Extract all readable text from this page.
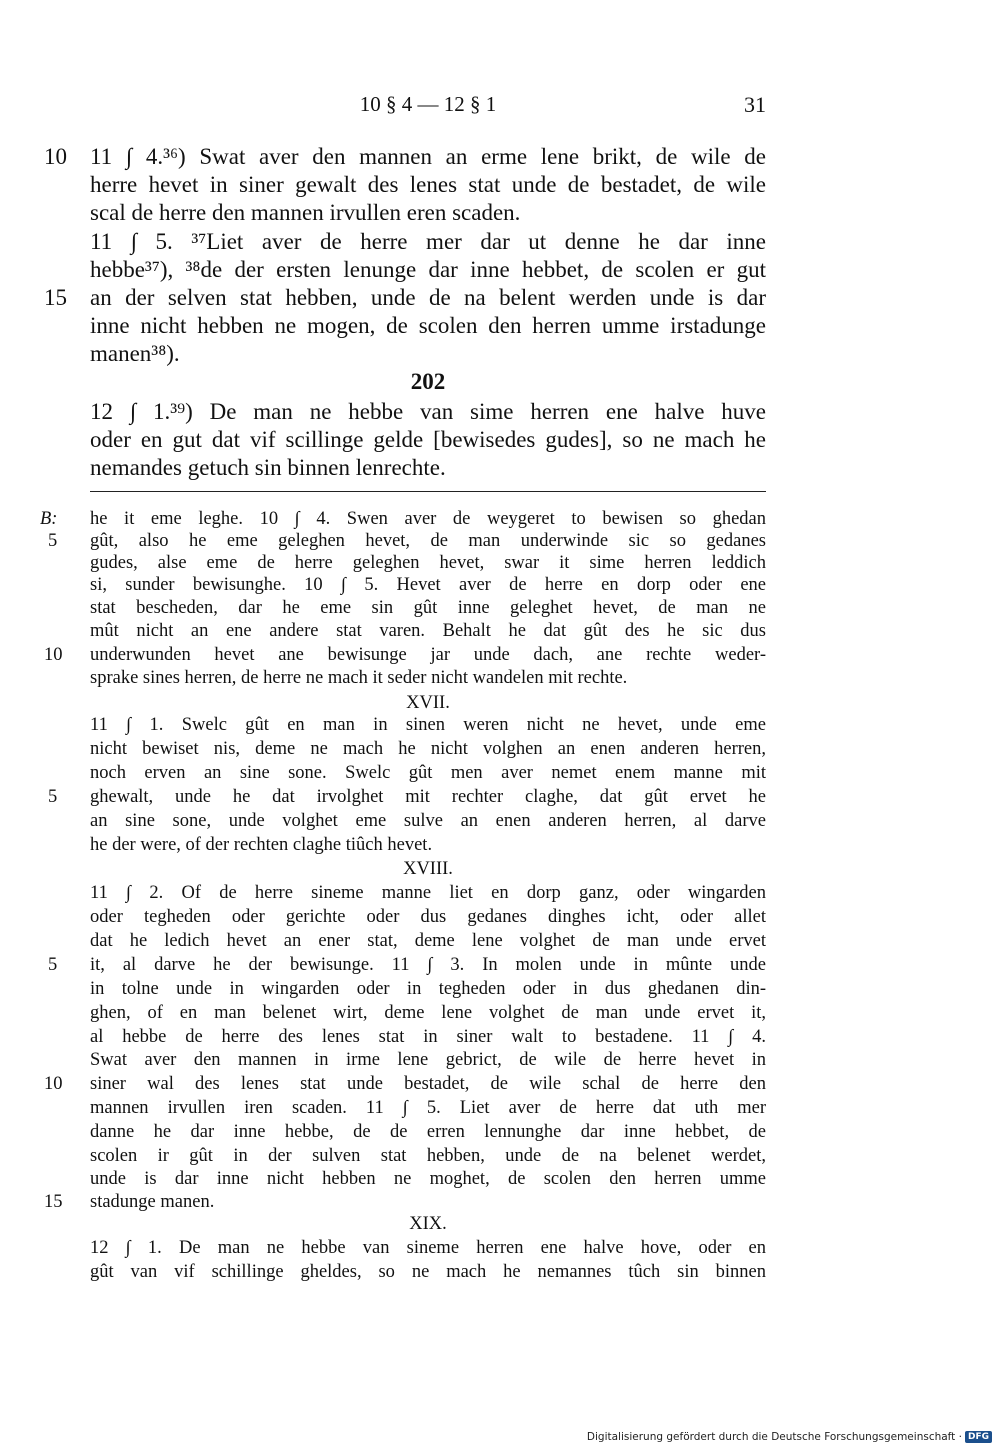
10 § 4 — 12 § 1	31
10 11 ∫ 4.³⁶) Swat aver den mannen an erme lene brikt, de wile de
herre hevet in siner gewalt des lenes stat unde de bestadet, de wile
scal de herre den mannen irvullen eren scaden.
11 ∫ 5. ³⁷Liet aver de herre mer dar ut denne he dar inne
hebbe³⁷), ³⁸de der ersten lenunge dar inne hebbet, de scolen er gut
15 an der selven stat hebben, unde de na belent werden unde is dar
inne nicht hebben ne mogen, de scolen den herren umme irstadunge
manen³⁸).
202
12 ∫ 1.³⁹) De man ne hebbe van sime herren ene halve huve
oder en gut dat vif scillinge gelde [bewisedes gudes], so ne mach he
nemandes getuch sin binnen lenrechte.
B: he it eme leghe. 10 ∫ 4. Swen aver de weygeret to bewisen so ghedan
5 gût, also he eme geleghen hevet, de man underwinde sic so gedanes
gudes, alse eme de herre geleghen hevet, swar it sime herren leddich
si, sunder bewisunghe. 10 ∫ 5. Hevet aver de herre en dorp oder ene
stat bescheden, dar he eme sin gût inne geleghet hevet, de man ne
mût nicht an ene andere stat varen. Behalt he dat gût des he sic dus
10 underwunden hevet ane bewisunge jar unde dach, ane rechte weder-
sprake sines herren, de herre ne mach it seder nicht wandelen mit rechte.
XVII.
11 ∫ 1. Swelc gût en man in sinen weren nicht ne hevet, unde eme
nicht bewiset nis, deme ne mach he nicht volghen an enen anderen herren,
noch erven an sine sone. Swelc gût men aver nemet enem manne mit
5 ghewalt, unde he dat irvolghet mit rechter claghe, dat gût ervet he
an sine sone, unde volghet eme sulve an enen anderen herren, al darve
he der were, of der rechten claghe tiûch hevet.
XVIII.
11 ∫ 2. Of de herre sineme manne liet en dorp ganz, oder wingarden
oder tegheden oder gerichte oder dus gedanes dinghes icht, oder allet
dat he ledich hevet an ener stat, deme lene volghet de man unde ervet
5 it, al darve he der bewisunge. 11 ∫ 3. In molen unde in mûnte unde
in tolne unde in wingarden oder in tegheden oder in dus ghedanen din-
ghen, of en man belenet wirt, deme lene volghet de man unde ervet it,
al hebbe de herre des lenes stat in siner walt to bestadene. 11 ∫ 4.
Swat aver den mannen in irme lene gebrict, de wile de herre hevet in
10 siner wal des lenes stat unde bestadet, de wile schal de herre den
mannen irvullen iren scaden. 11 ∫ 5. Liet aver de herre dat uth mer
danne he dar inne hebbe, de de erren lennunghe dar inne hebbet, de
scolen ir gût in der sulven stat hebben, unde de na belenet werdet,
unde is dar inne nicht hebben ne moghet, de scolen den herren umme
15 stadunge manen.
XIX.
12 ∫ 1. De man ne hebbe van sineme herren ene halve hove, oder en
gût van vif schillinge gheldes, so ne mach he nemannes tûch sin binnen
Digitalisierung gefördert durch die Deutsche Forschungsgemeinschaft · DFG
